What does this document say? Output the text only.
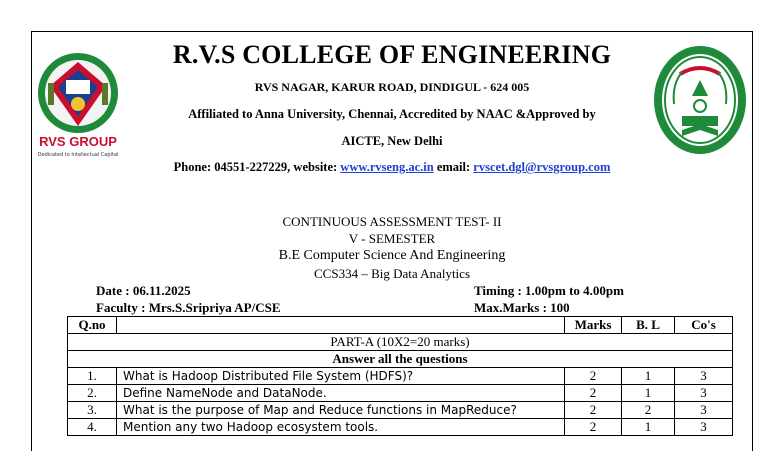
RVS GROUP
Dedicated to Intellectual Capital
R.V.S COLLEGE OF ENGINEERING
RVS NAGAR, KARUR ROAD, DINDIGUL - 624 005
Affiliated to Anna University, Chennai, Accredited by NAAC &Approved by
AICTE, New Delhi
Phone: 04551-227229, website: www.rvseng.ac.in email: rvscet.dgl@rvsgroup.com
CONTINUOUS ASSESSMENT TEST- II
V - SEMESTER
B.E Computer Science And Engineering
CCS334 – Big Data Analytics
Date : 06.11.2025	Timing : 1.00pm to 4.00pm
Faculty : Mrs.S.Sripriya AP/CSE	Max.Marks : 100
Q.no		Marks	B. L	Co's
PART-A (10X2=20 marks)				
Answer all the questions				
1.	What is Hadoop Distributed File System (HDFS)?	2	1	3
2.	Define NameNode and DataNode.	2	1	3
3.	What is the purpose of Map and Reduce functions in MapReduce?	2	2	3
4.	Mention any two Hadoop ecosystem tools.	2	1	3
